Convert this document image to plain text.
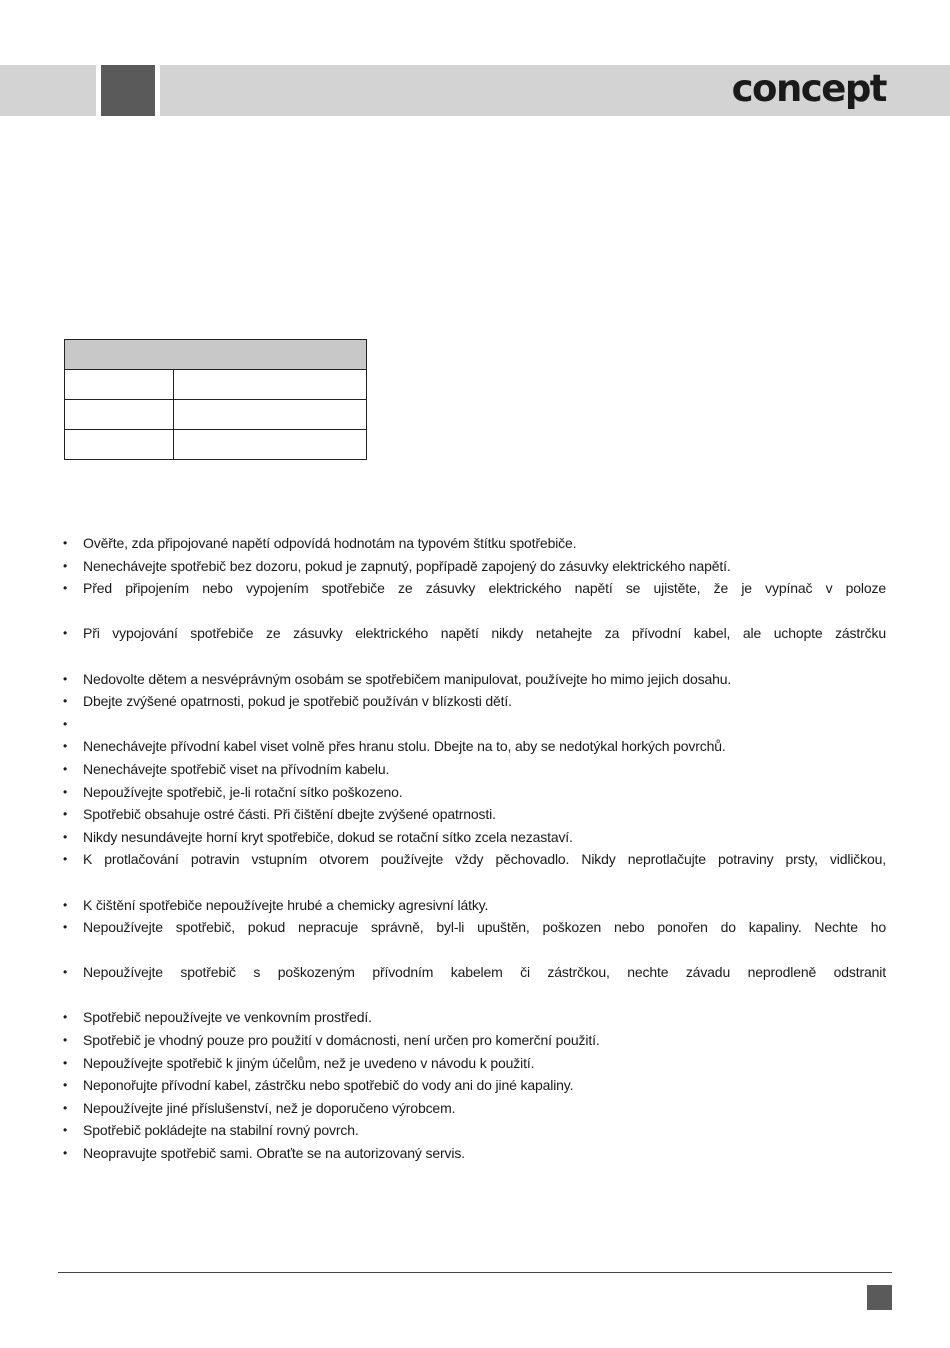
concept

• Ověřte, zda připojované napětí odpovídá hodnotám na typovém štítku spotřebiče.
• Nenechávejte spotřebič bez dozoru, pokud je zapnutý, popřípadě zapojený do zásuvky elektrického napětí.
• Před připojením nebo vypojením spotřebiče ze zásuvky elektrického napětí se ujistěte, že je vypínač v poloze
• Při vypojování spotřebiče ze zásuvky elektrického napětí nikdy netahejte za přívodní kabel, ale uchopte zástrčku
• Nedovolte dětem a nesvéprávným osobám se spotřebičem manipulovat, používejte ho mimo jejich dosahu.
• Dbejte zvýšené opatrnosti, pokud je spotřebič používán v blízkosti dětí.
•
• Nenechávejte přívodní kabel viset volně přes hranu stolu. Dbejte na to, aby se nedotýkal horkých povrchů.
• Nenechávejte spotřebič viset na přívodním kabelu.
• Nepoužívejte spotřebič, je-li rotační sítko poškozeno.
• Spotřebič obsahuje ostré části. Při čištění dbejte zvýšené opatrnosti.
• Nikdy nesundávejte horní kryt spotřebiče, dokud se rotační sítko zcela nezastaví.
• K protlačování potravin vstupním otvorem používejte vždy pěchovadlo. Nikdy neprotlačujte potraviny prsty, vidličkou,
• K čištění spotřebiče nepoužívejte hrubé a chemicky agresivní látky.
• Nepoužívejte spotřebič, pokud nepracuje správně, byl-li upuštěn, poškozen nebo ponořen do kapaliny. Nechte ho
• Nepoužívejte spotřebič s poškozeným přívodním kabelem či zástrčkou, nechte závadu neprodleně odstranit
• Spotřebič nepoužívejte ve venkovním prostředí.
• Spotřebič je vhodný pouze pro použití v domácnosti, není určen pro komerční použití.
• Nepoužívejte spotřebič k jiným účelům, než je uvedeno v návodu k použití.
• Neponořujte přívodní kabel, zástrčku nebo spotřebič do vody ani do jiné kapaliny.
• Nepoužívejte jiné příslušenství, než je doporučeno výrobcem.
• Spotřebič pokládejte na stabilní rovný povrch.
• Neopravujte spotřebič sami. Obraťte se na autorizovaný servis.
